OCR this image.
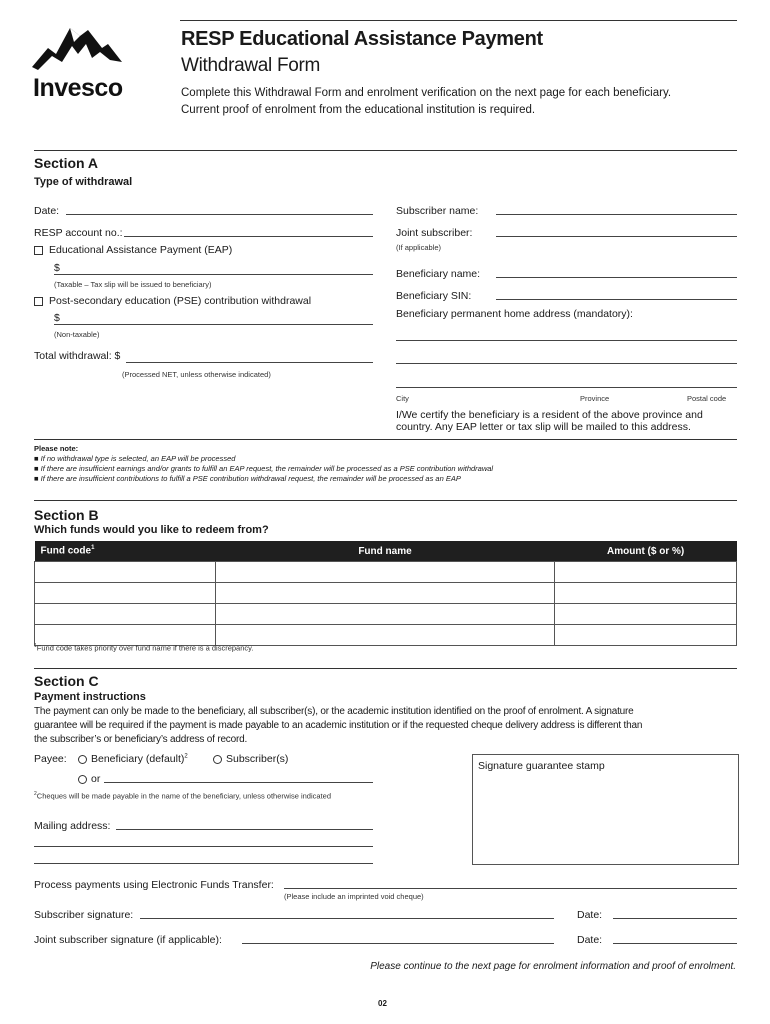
Invesco
RESP Educational Assistance Payment
Withdrawal Form
Complete this Withdrawal Form and enrolment verification on the next page for each beneficiary.
Current proof of enrolment from the educational institution is required.
Section A
Type of withdrawal
Date:
RESP account no.:
Educational Assistance Payment (EAP)
$
(Taxable – Tax slip will be issued to beneficiary)
Post-secondary education (PSE) contribution withdrawal
$
(Non-taxable)
Total withdrawal: $
(Processed NET, unless otherwise indicated)
Subscriber name:
Joint subscriber:
(If applicable)
Beneficiary name:
Beneficiary SIN:
Beneficiary permanent home address (mandatory):
City	Province	Postal code
I/We certify the beneficiary is a resident of the above province and
country. Any EAP letter or tax slip will be mailed to this address.
Please note:
■ If no withdrawal type is selected, an EAP will be processed
■ If there are insufficient earnings and/or grants to fulfill an EAP request, the remainder will be processed as a PSE contribution withdrawal
■ If there are insufficient contributions to fulfill a PSE contribution withdrawal request, the remainder will be processed as an EAP
Section B
Which funds would you like to redeem from?
Fund code$^1$	Fund name	Amount ($ or %)

$^1$Fund code takes priority over fund name if there is a discrepancy.
Section C
Payment instructions
The payment can only be made to the beneficiary, all subscriber(s), or the academic institution identified on the proof of enrolment. A signature
guarantee will be required if the payment is made payable to an academic institution or if the requested cheque delivery address is different than
the subscriber’s or beneficiary’s address of record.
Payee:	Beneficiary (default)$^2$	Subscriber(s)
or
$^2$Cheques will be made payable in the name of the beneficiary, unless otherwise indicated
Signature guarantee stamp
Mailing address:
Process payments using Electronic Funds Transfer:
(Please include an imprinted void cheque)
Subscriber signature:	Date:
Joint subscriber signature (if applicable):	Date:
Please continue to the next page for enrolment information and proof of enrolment.
02
